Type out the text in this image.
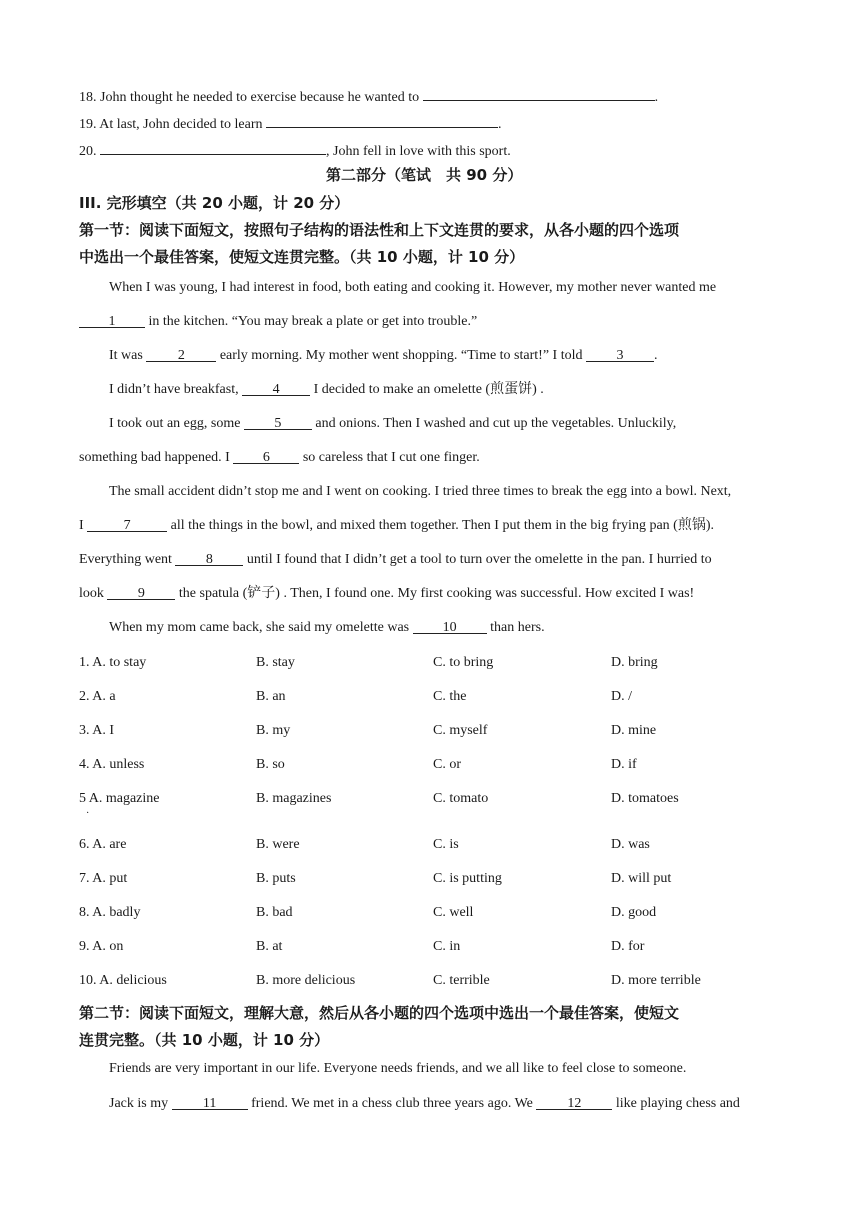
18. John thought he needed to exercise because he wanted to	.
19. At last, John decided to learn	.
20.	, John fell in love with this sport.
第二部分（笔试　共 90 分）
III. 完形填空（共 20 小题，计 20 分）
第一节：阅读下面短文，按照句子结构的语法性和上下文连贯的要求，从各小题的四个选项
中选出一个最佳答案，使短文连贯完整。（共 10 小题，计 10 分）
When I was young, I had interest in food, both eating and cooking it. However, my mother never wanted me
1 in the kitchen. “You may break a plate or get into trouble.”
It was 2 early morning. My mother went shopping. “Time to start!” I told 3 .
I didn’t have breakfast, 4 I decided to make an omelette (煎蛋饼) .
I took out an egg, some 5 and onions. Then I washed and cut up the vegetables. Unluckily,
something bad happened. I 6 so careless that I cut one finger.
The small accident didn’t stop me and I went on cooking. I tried three times to break the egg into a bowl. Next,
I	7	all the things in the bowl, and mixed them together. Then I put them in the big frying pan (煎锅).
Everything went 8 until I found that I didn’t get a tool to turn over the omelette in the pan. I hurried to
look 9 the spatula (铲子) . Then, I found one. My first cooking was successful. How excited I was!
When my mom came back, she said my omelette was 10 than hers.
1. A. to stay	B. stay	C. to bring	D. bring
2. A. a	B. an	C. the	D. /
3. A. I	B. my	C. myself	D. mine
4. A. unless	B. so	C. or	D. if
5 A. magazine	B. magazines	C. tomato	D. tomatoes
·
6. A. are	B. were	C. is	D. was
7. A. put	B. puts	C. is putting	D. will put
8. A. badly	B. bad	C. well	D. good
9. A. on	B. at	C. in	D. for
10. A. delicious	B. more delicious	C. terrible	D. more terrible
第二节：阅读下面短文，理解大意，然后从各小题的四个选项中选出一个最佳答案，使短文
连贯完整。（共 10 小题，计 10 分）
Friends are very important in our life. Everyone needs friends, and we all like to feel close to someone.
Jack is my 11 friend. We met in a chess club three years ago. We 12 like playing chess and
